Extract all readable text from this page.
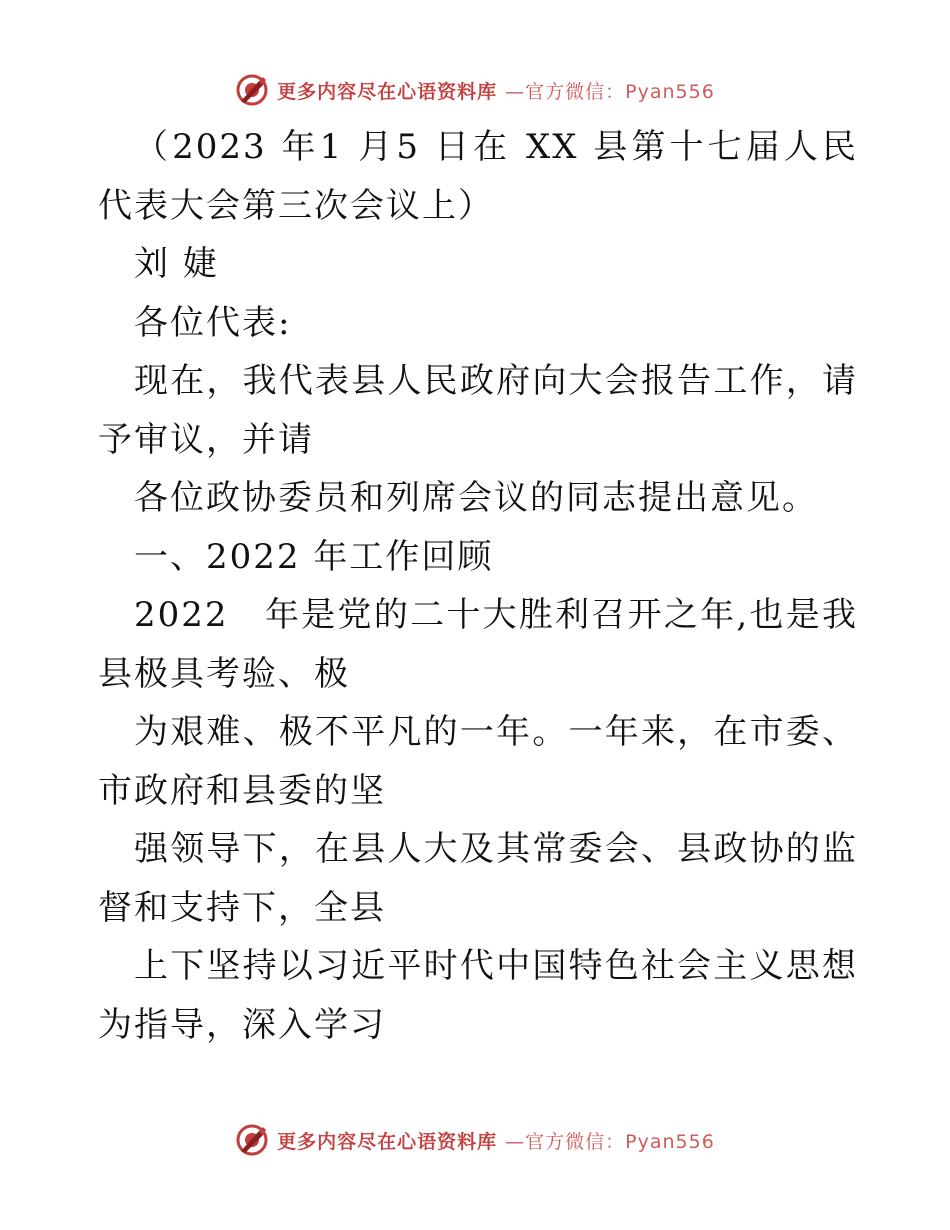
更多内容尽在心语资料库 —官方微信：Pyan556

（2023 年1 月5 日在 XX 县第十七届人民代表大会第三次会议上）

刘 婕

各位代表:

现在，我代表县人民政府向大会报告工作，请予审议，并请

各位政协委员和列席会议的同志提出意见。

一、2022 年工作回顾

2022　年是党的二十大胜利召开之年,也是我县极具考验、极

为艰难、极不平凡的一年。一年来，在市委、市政府和县委的坚

强领导下，在县人大及其常委会、县政协的监督和支持下，全县

上下坚持以习近平时代中国特色社会主义思想为指导，深入学习

更多内容尽在心语资料库 —官方微信：Pyan556
